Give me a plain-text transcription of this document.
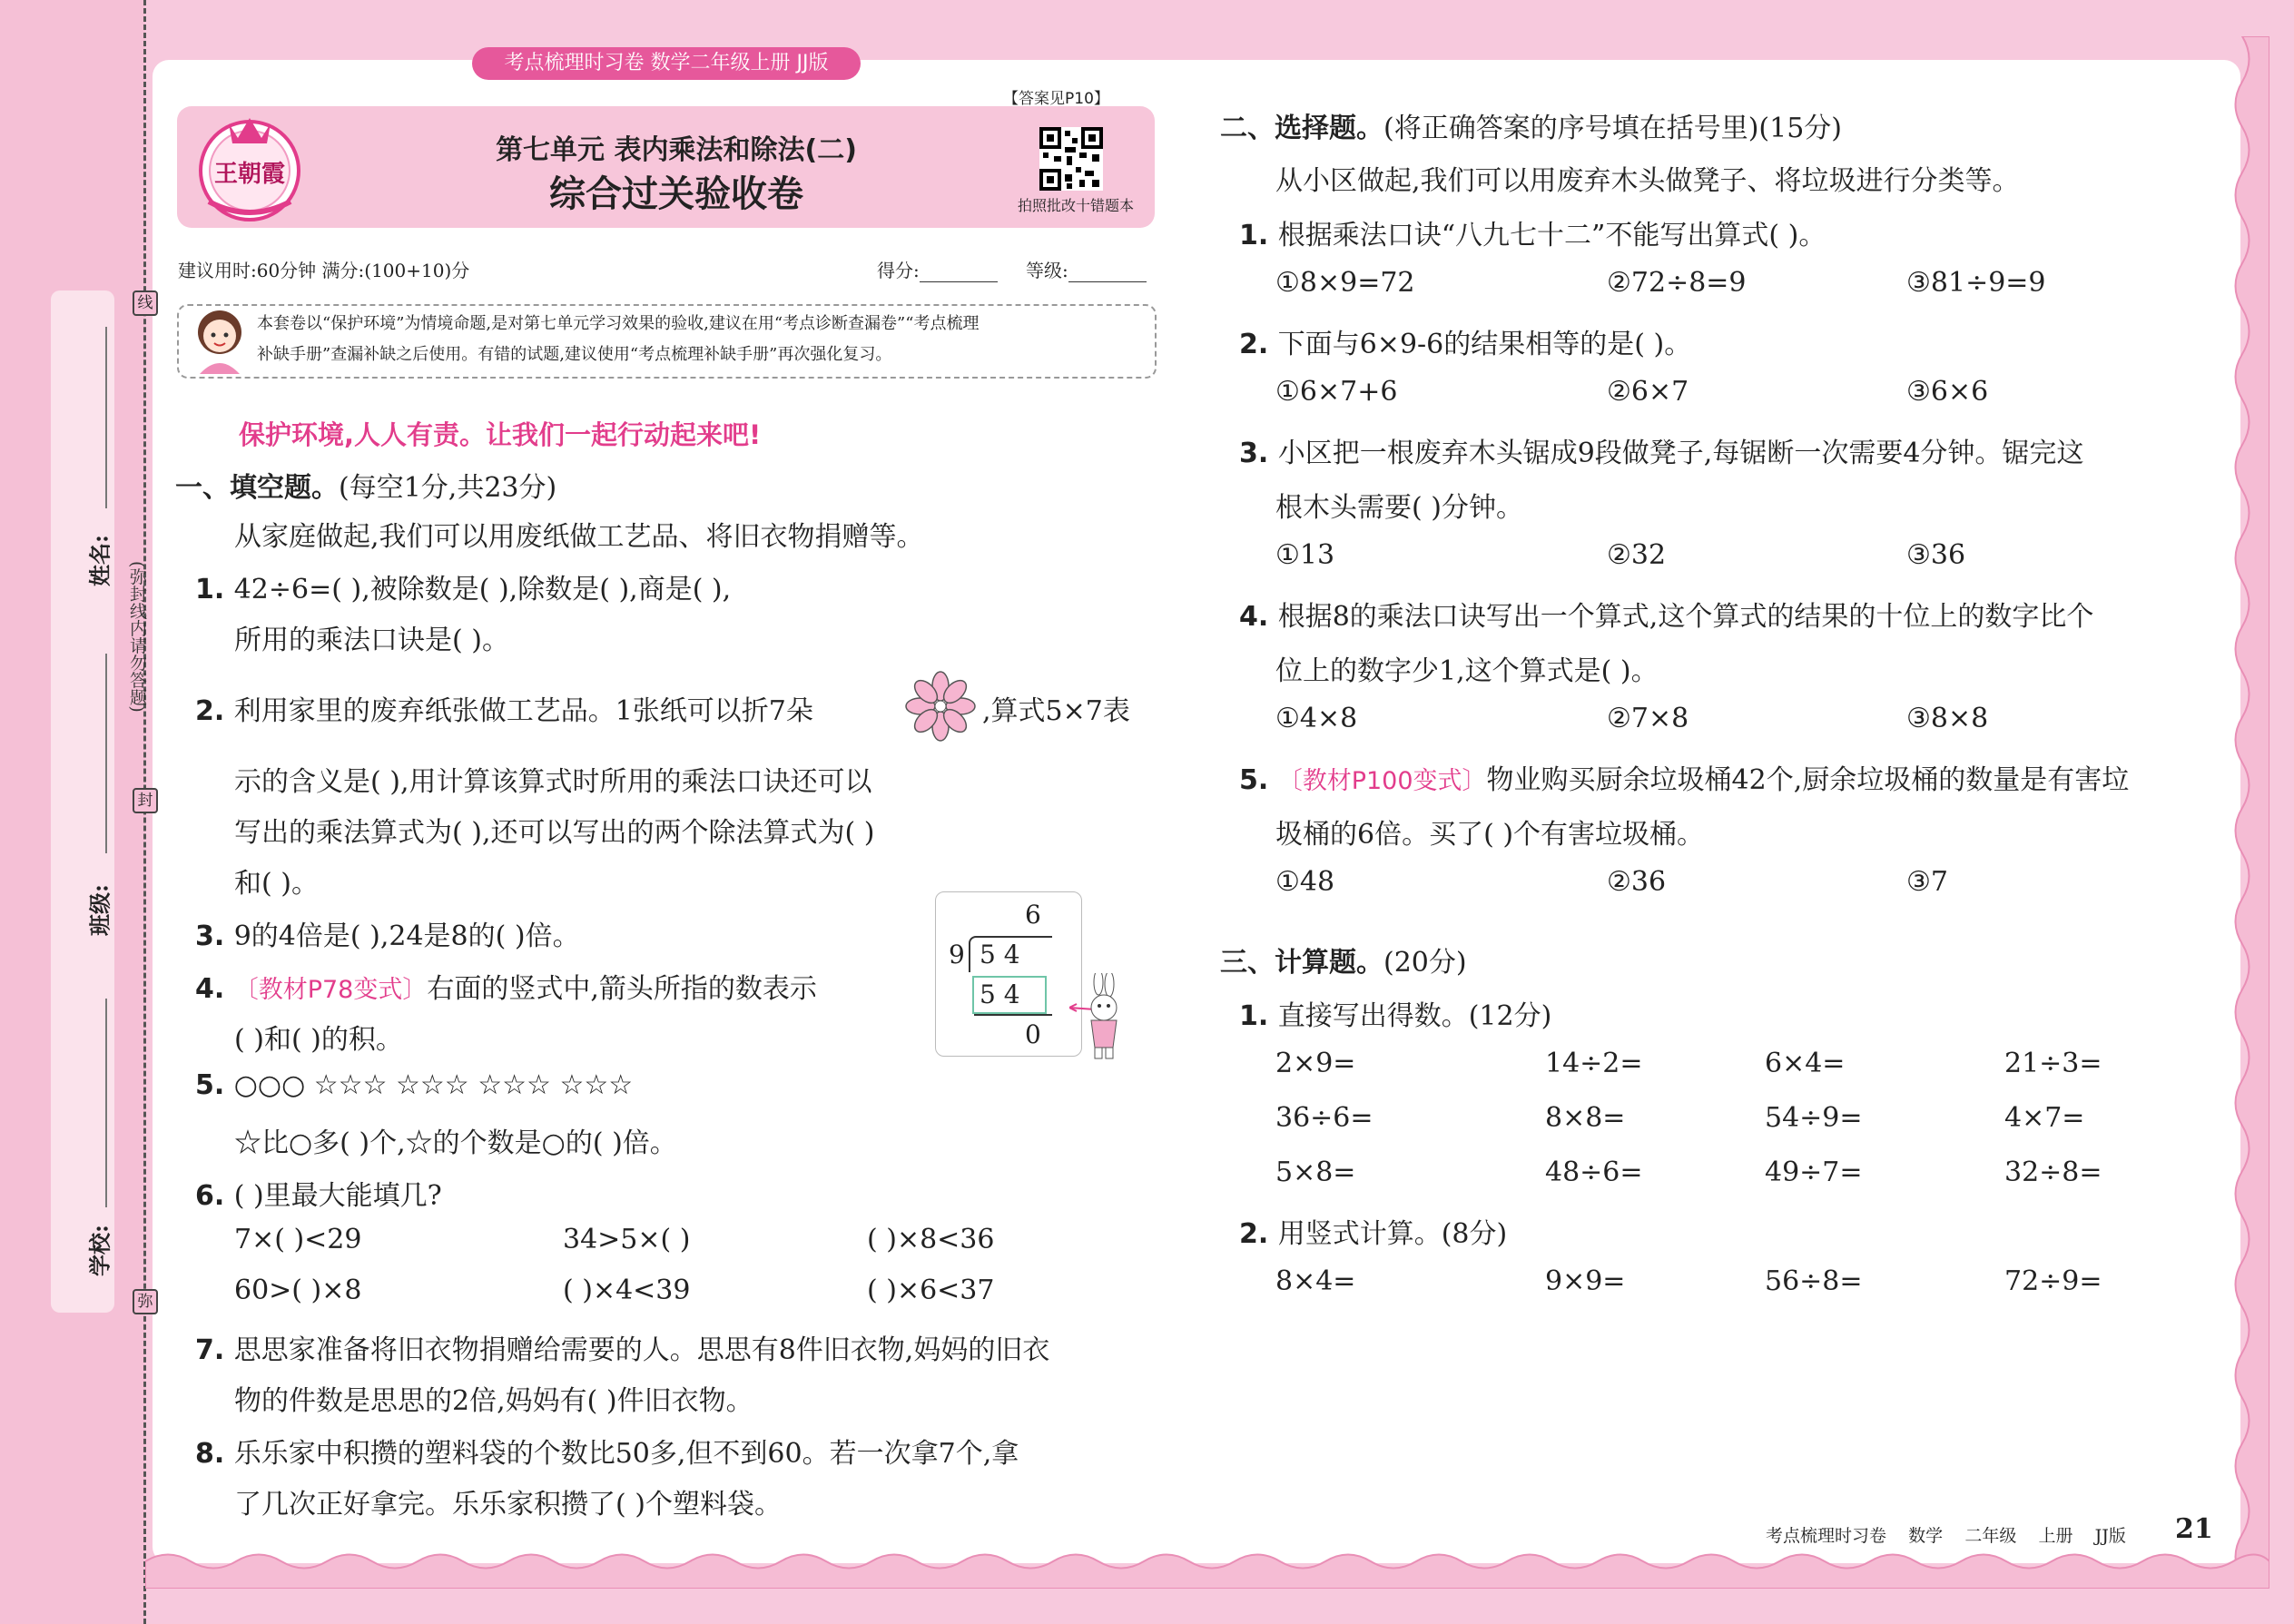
姓名:
班级:
学校:
(弥封线内请勿答题)
线
封
弥
考点梳理时习卷 数学二年级上册 JJ版
王朝霞
第七单元 表内乘法和除法(二)
综合过关验收卷
【答案见P10】
拍照批改十错题本
建议用时:60分钟 满分:(100+10)分	得分:	等级:
本套卷以“保护环境”为情境命题,是对第七单元学习效果的验收,建议在用“考点诊断查漏卷”“考点梳理
补缺手册”查漏补缺之后使用。有错的试题,建议使用“考点梳理补缺手册”再次强化复习。
保护环境,人人有责。让我们一起行动起来吧!
一、填空题。(每空1分,共23分)
从家庭做起,我们可以用废纸做工艺品、将旧衣物捐赠等。
1. 42÷6=( ),被除数是( ),除数是( ),商是( ),
所用的乘法口诀是( )。
2. 利用家里的废弃纸张做工艺品。1张纸可以折7朵	,算式5×7表
示的含义是( ),用计算该算式时所用的乘法口诀还可以
写出的乘法算式为( ),还可以写出的两个除法算式为( )
和( )。
3. 9的4倍是( ),24是8的( )倍。
4. 〔教材P78变式〕右面的竖式中,箭头所指的数表示
( )和( )的积。
6
9 5 4
5 4
0
5. ○○○ ☆☆☆ ☆☆☆ ☆☆☆ ☆☆☆
☆比○多( )个,☆的个数是○的( )倍。
6. ( )里最大能填几?
7×( )<29	34>5×( )	( )×8<36
60>( )×8	( )×4<39	( )×6<37
7. 思思家准备将旧衣物捐赠给需要的人。思思有8件旧衣物,妈妈的旧衣
物的件数是思思的2倍,妈妈有( )件旧衣物。
8. 乐乐家中积攒的塑料袋的个数比50多,但不到60。若一次拿7个,拿
了几次正好拿完。乐乐家积攒了( )个塑料袋。
二、选择题。(将正确答案的序号填在括号里)(15分)
从小区做起,我们可以用废弃木头做凳子、将垃圾进行分类等。
1. 根据乘法口诀“八九七十二”不能写出算式( )。
①8×9=72	②72÷8=9	③81÷9=9
2. 下面与6×9-6的结果相等的是( )。
①6×7+6	②6×7	③6×6
3. 小区把一根废弃木头锯成9段做凳子,每锯断一次需要4分钟。锯完这
根木头需要( )分钟。
①13	②32	③36
4. 根据8的乘法口诀写出一个算式,这个算式的结果的十位上的数字比个
位上的数字少1,这个算式是( )。
①4×8	②7×8	③8×8
5. 〔教材P100变式〕物业购买厨余垃圾桶42个,厨余垃圾桶的数量是有害垃
圾桶的6倍。买了( )个有害垃圾桶。
①48	②36	③7
三、计算题。(20分)
1. 直接写出得数。(12分)
2×9=	14÷2=	6×4=	21÷3=
36÷6=	8×8=	54÷9=	4×7=
5×8=	48÷6=	49÷7=	32÷8=
2. 用竖式计算。(8分)
8×4=	9×9=	56÷8=	72÷9=
考点梳理时习卷    数学    二年级    上册    JJ版 21
